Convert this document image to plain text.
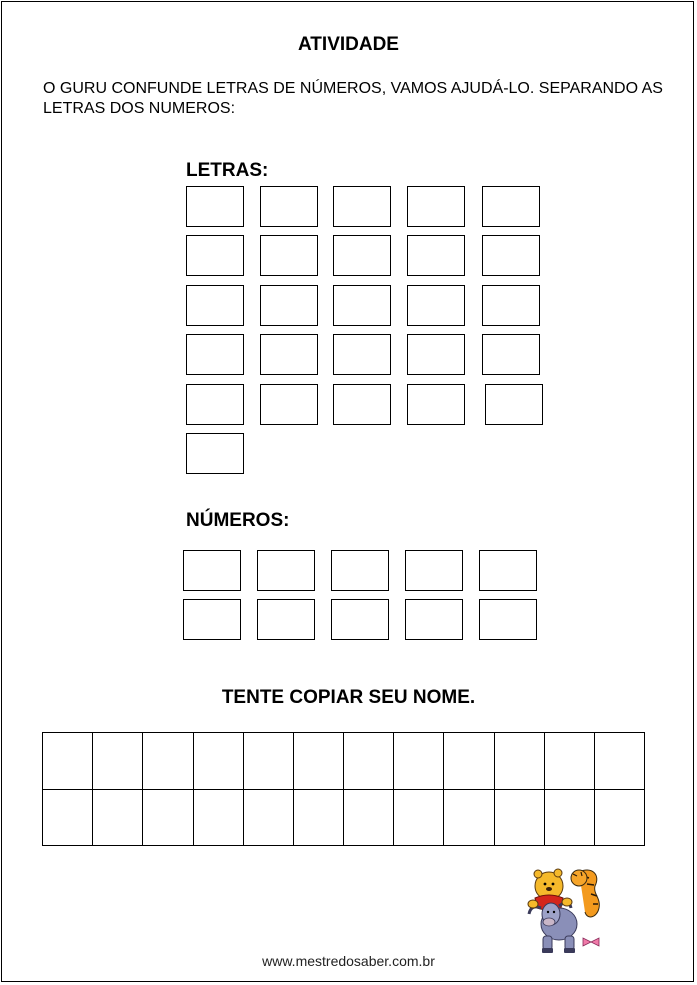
ATIVIDADE
O GURU CONFUNDE LETRAS DE NÚMEROS, VAMOS AJUDÁ-LO. SEPARANDO AS LETRAS DOS NUMEROS:
LETRAS:
NÚMEROS:
TENTE COPIAR SEU NOME.
www.mestredosaber.com.br
